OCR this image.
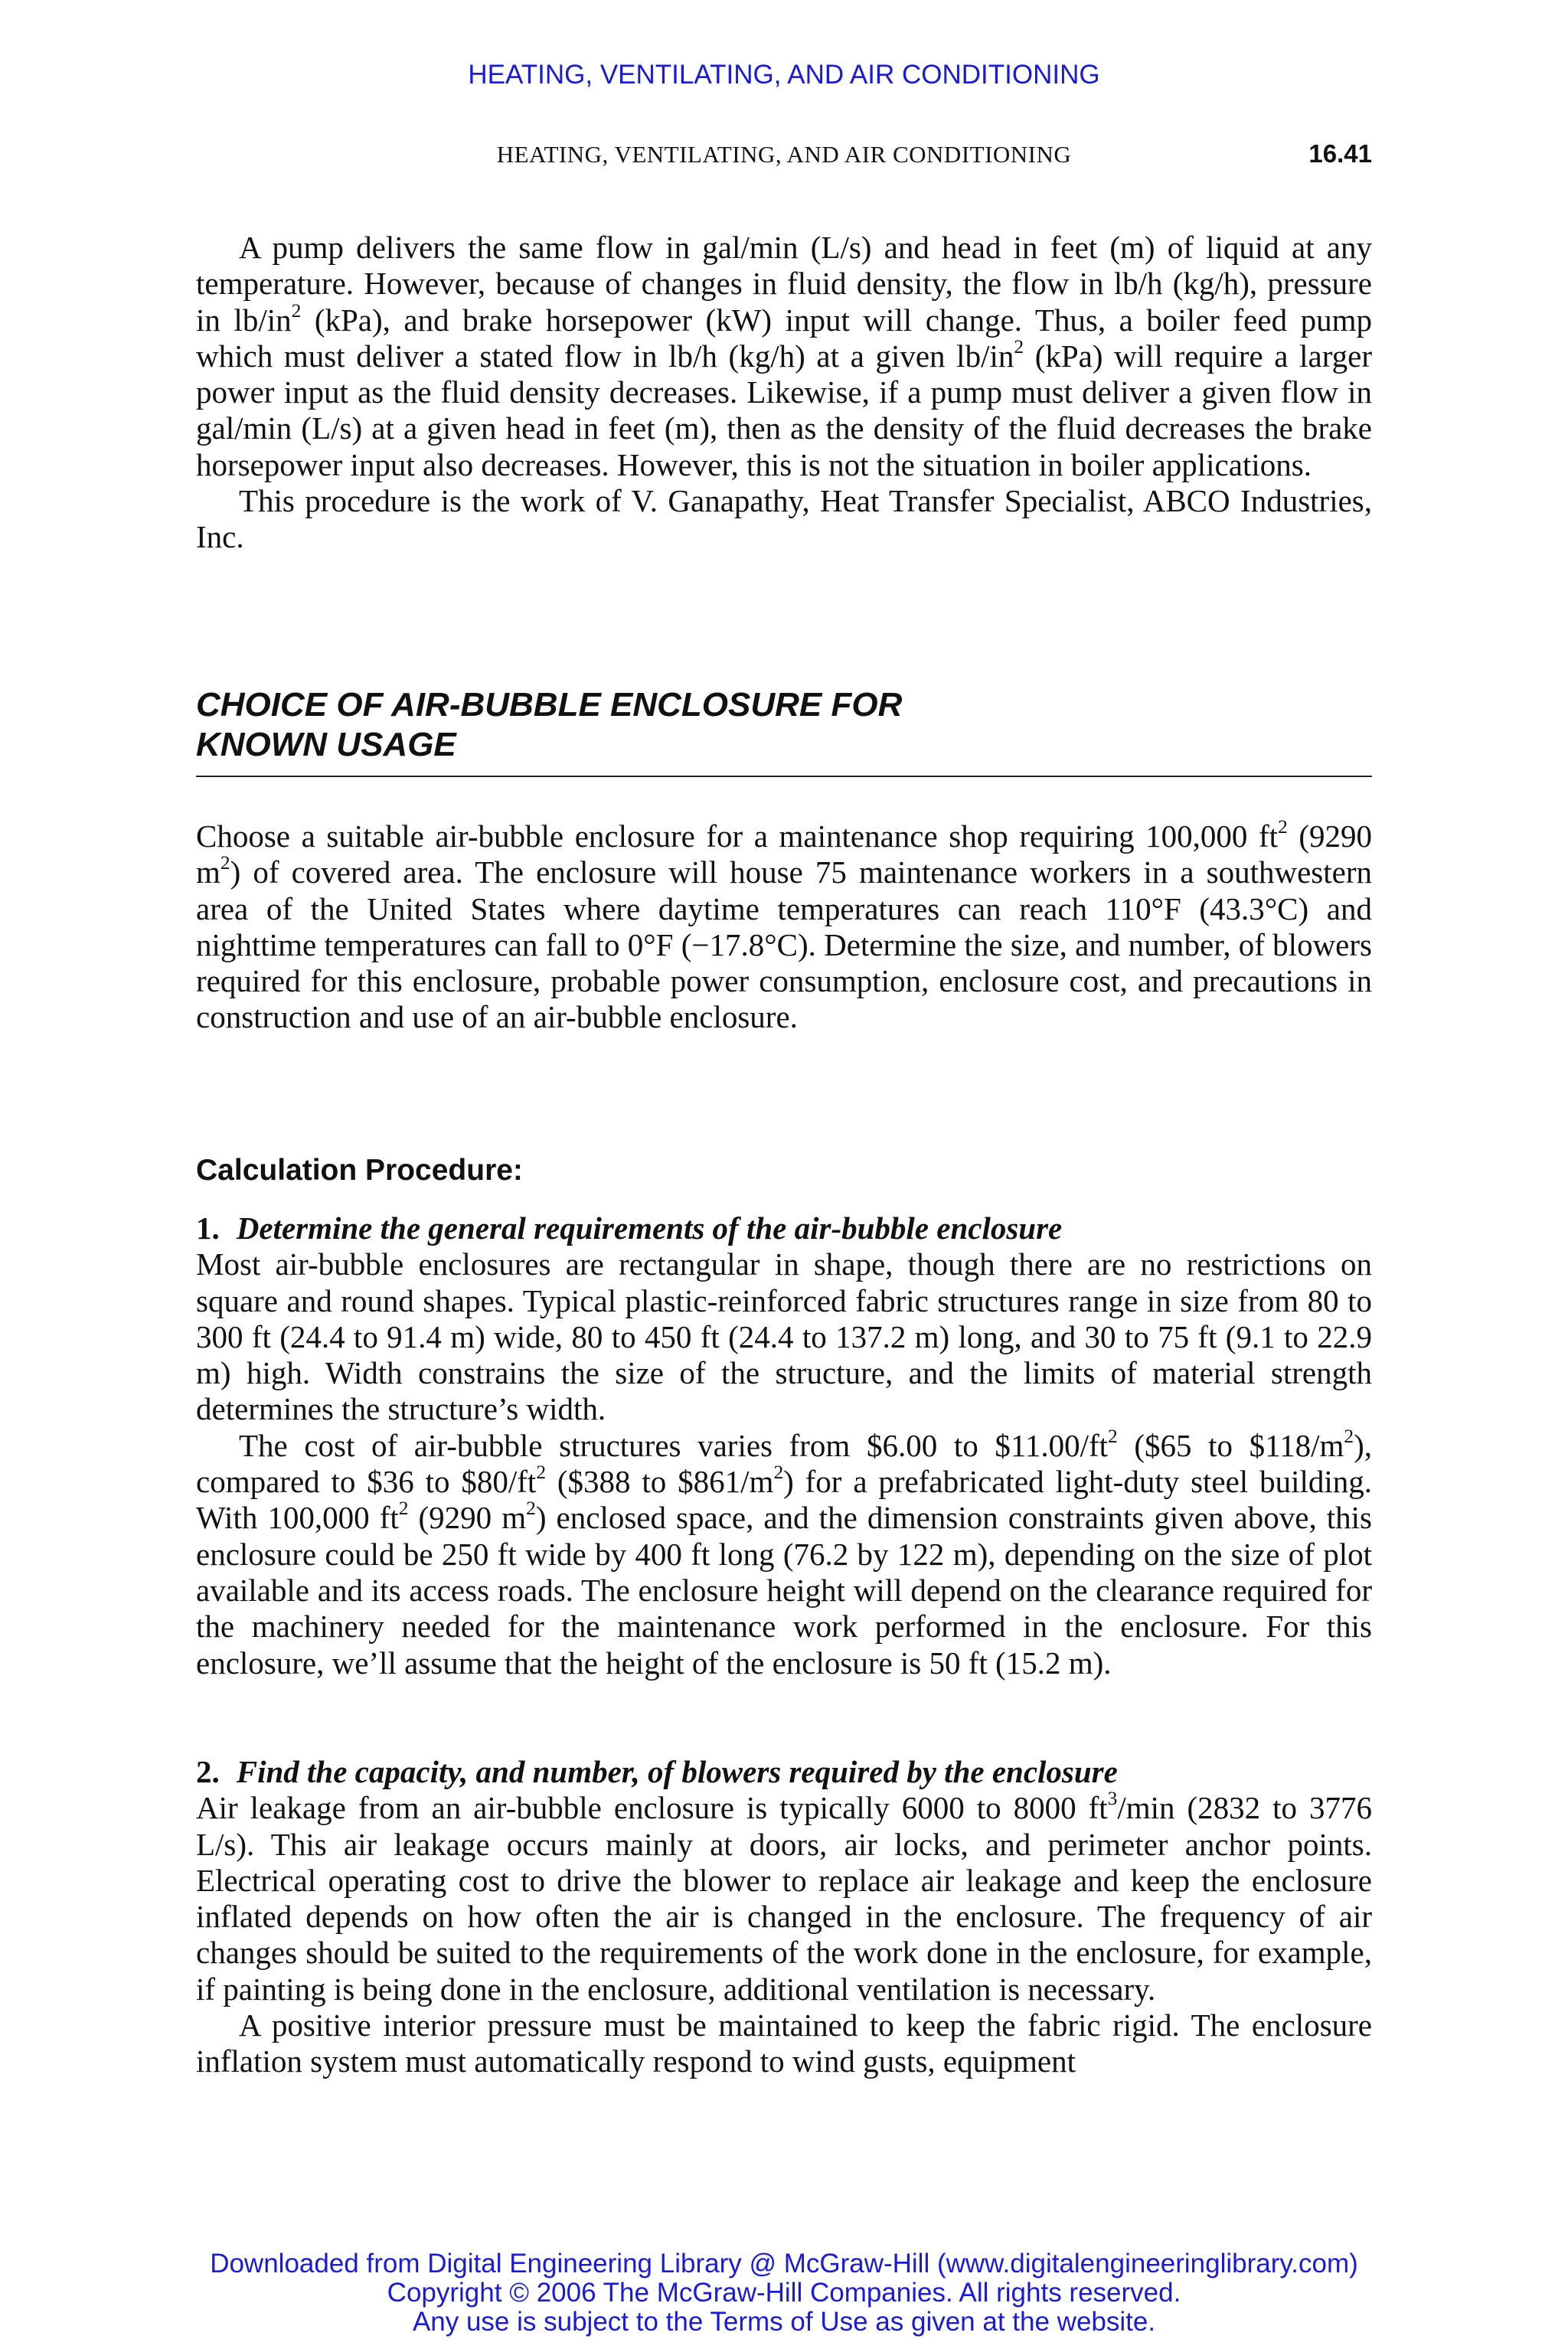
HEATING, VENTILATING, AND AIR CONDITIONING
HEATING, VENTILATING, AND AIR CONDITIONING	16.41

A pump delivers the same flow in gal/min (L/s) and head in feet (m) of liquid at any temperature. However, because of changes in fluid density, the flow in lb/h (kg/h), pressure in $lb/in^2$ (kPa), and brake horsepower (kW) input will change. Thus, a boiler feed pump which must deliver a stated flow in lb/h (kg/h) at a given $lb/in^2$ (kPa) will require a larger power input as the fluid density decreases. Likewise, if a pump must deliver a given flow in gal/min (L/s) at a given head in feet (m), then as the density of the fluid decreases the brake horsepower input also decreases. However, this is not the situation in boiler applications.

This procedure is the work of V. Ganapathy, Heat Transfer Specialist, ABCO Industries, Inc.

CHOICE OF AIR-BUBBLE ENCLOSURE FOR
KNOWN USAGE

Choose a suitable air-bubble enclosure for a maintenance shop requiring 100,000 $ft^2$ (9290 $m^2$) of covered area. The enclosure will house 75 maintenance workers in a southwestern area of the United States where daytime temperatures can reach 110°F (43.3°C) and nighttime temperatures can fall to 0°F (−17.8°C). Determine the size, and number, of blowers required for this enclosure, probable power consumption, enclosure cost, and precautions in construction and use of an air-bubble enclosure.

Calculation Procedure:

1. Determine the general requirements of the air-bubble enclosure

Most air-bubble enclosures are rectangular in shape, though there are no restrictions on square and round shapes. Typical plastic-reinforced fabric structures range in size from 80 to 300 ft (24.4 to 91.4 m) wide, 80 to 450 ft (24.4 to 137.2 m) long, and 30 to 75 ft (9.1 to 22.9 m) high. Width constrains the size of the structure, and the limits of material strength determines the structure’s width.

The cost of air-bubble structures varies from $6.00 to $\$11.00/ft^2$ ($65 to $\$118/m^2$), compared to $36 to $\$80/ft^2$ ($388 to $\$861/m^2$) for a prefabricated light-duty steel building. With 100,000 $ft^2$ (9290 $m^2$) enclosed space, and the dimension constraints given above, this enclosure could be 250 ft wide by 400 ft long (76.2 by 122 m), depending on the size of plot available and its access roads. The enclosure height will depend on the clearance required for the machinery needed for the maintenance work performed in the enclosure. For this enclosure, we’ll assume that the height of the enclosure is 50 ft (15.2 m).

2. Find the capacity, and number, of blowers required by the enclosure

Air leakage from an air-bubble enclosure is typically 6000 to 8000 $ft^3/\min$ (2832 to 3776 L/s). This air leakage occurs mainly at doors, air locks, and perimeter anchor points. Electrical operating cost to drive the blower to replace air leakage and keep the enclosure inflated depends on how often the air is changed in the enclosure. The frequency of air changes should be suited to the requirements of the work done in the enclosure, for example, if painting is being done in the enclosure, additional ventilation is necessary.

A positive interior pressure must be maintained to keep the fabric rigid. The enclosure inflation system must automatically respond to wind gusts, equipment

Downloaded from Digital Engineering Library @ McGraw-Hill (www.digitalengineeringlibrary.com)
Copyright © 2006 The McGraw-Hill Companies. All rights reserved.
Any use is subject to the Terms of Use as given at the website.
